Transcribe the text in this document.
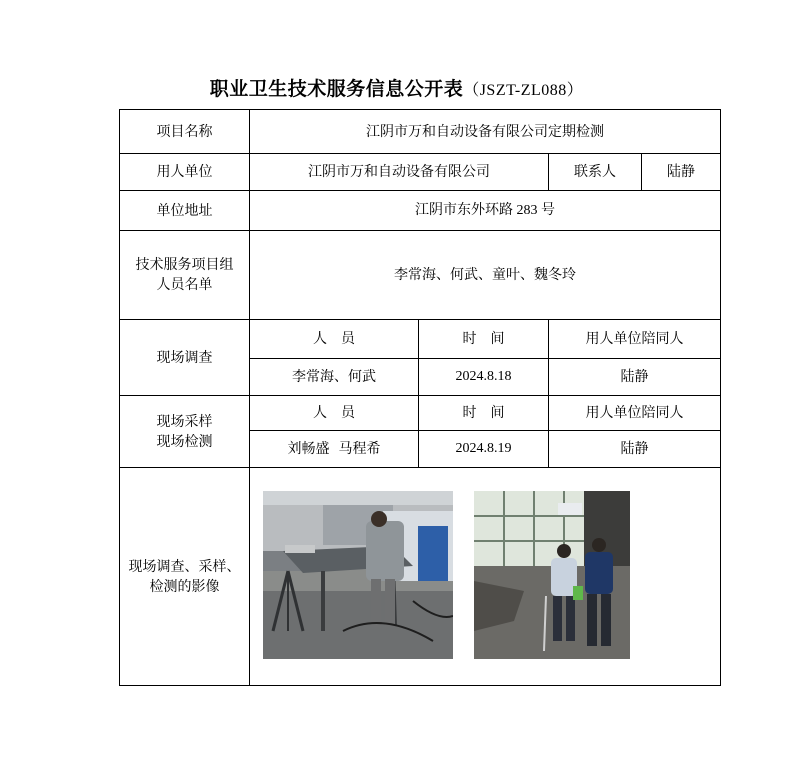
职业卫生技术服务信息公开表（JSZT-ZL088）
项目名称	江阴市万和自动设备有限公司定期检测			
用人单位	江阴市万和自动设备有限公司		联系人	陆静
单位地址	江阴市东外环路 283 号			

技术服务项目组
人员名单	李常海、何武、童叶、魏冬玲			
现场调查	人　员	时　间	用人单位陪同人	
	李常海、何武	2024.8.18	陆静	

现场采样
现场检测	人　员	时　间	用人单位陪同人	
	刘畅盛  马程希	2024.8.19	陆静	

现场调查、采样、
检测的影像
